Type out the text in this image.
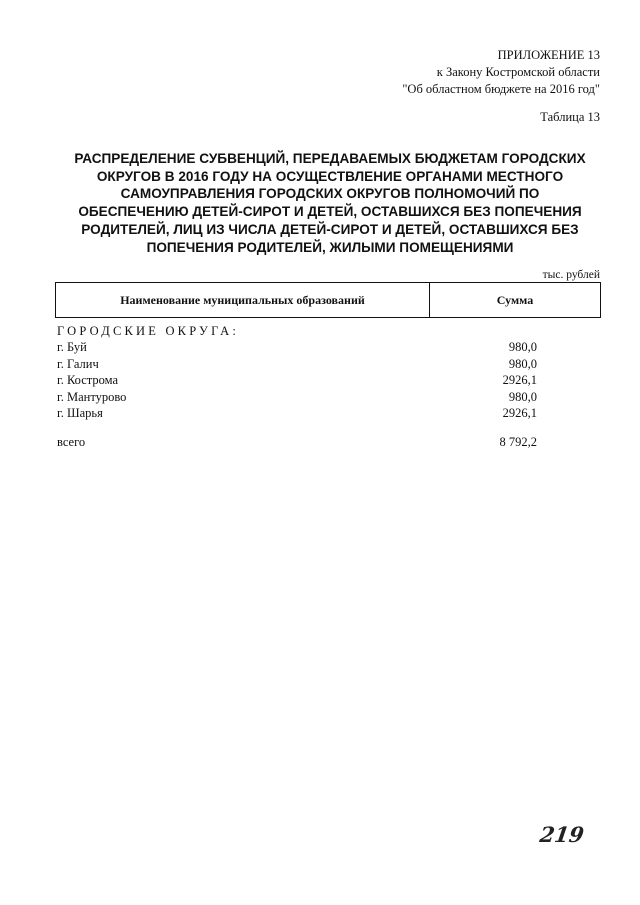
ПРИЛОЖЕНИЕ 13
к Закону Костромской области
"Об областном бюджете на 2016 год"
Таблица 13
РАСПРЕДЕЛЕНИЕ СУБВЕНЦИЙ, ПЕРЕДАВАЕМЫХ БЮДЖЕТАМ ГОРОДСКИХ ОКРУГОВ В 2016 ГОДУ НА ОСУЩЕСТВЛЕНИЕ ОРГАНАМИ МЕСТНОГО САМОУПРАВЛЕНИЯ ГОРОДСКИХ ОКРУГОВ ПОЛНОМОЧИЙ ПО ОБЕСПЕЧЕНИЮ ДЕТЕЙ-СИРОТ И ДЕТЕЙ, ОСТАВШИХСЯ БЕЗ ПОПЕЧЕНИЯ РОДИТЕЛЕЙ, ЛИЦ ИЗ ЧИСЛА ДЕТЕЙ-СИРОТ И ДЕТЕЙ, ОСТАВШИХСЯ БЕЗ ПОПЕЧЕНИЯ РОДИТЕЛЕЙ, ЖИЛЫМИ ПОМЕЩЕНИЯМИ
тыс. рублей
Наименование муниципальных образований	Сумма
ГОРОДСКИЕ ОКРУГА:
г. Буй	980,0
г. Галич	980,0
г. Кострома	2926,1
г. Мантурово	980,0
г. Шарья	2926,1
всего	8 792,2
219
